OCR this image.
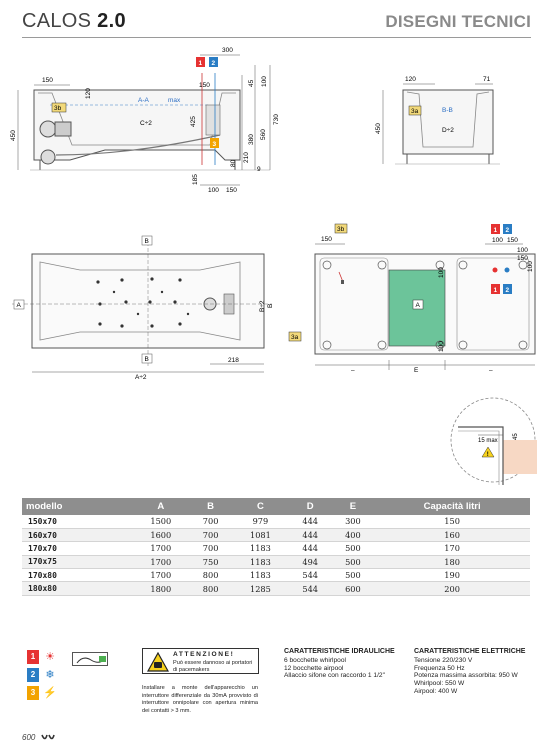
CALOS 2.0	DISEGNI TECNICI
150
120
A-A	max
C÷2	425
450
3b
300
150	45 100
730
560
380
210
9
80
185
100 150
1 2
3
120	71
B-B
3a
D÷2
450
B
A
B
A÷2
218
B÷2 B	A
3b
150
1 2
100 150
100
1 2
100
150
100
3a
100
–	E	–
15 max
45
!
modello	A	B	C	D	E	Capacità litri
150x70	1500	700	979	444	300	150
160x70	1600	700	1081	444	400	160
170x70	1700	700	1183	444	500	170
170x75	1700	750	1183	494	500	180
170x80	1700	800	1183	544	500	190
180x80	1800	800	1285	544	600	200
1 ☀
2 ❄
3 ⚡
ATTENZIONE!
Può essere dannoso ai portatori di pacemakers
Installare a monte dell'apparecchio un interruttore differenziale da 30mA provvisto di interruttore onnipolare con apertura minima dei contatti > 3 mm.
CARATTERISTICHE IDRAULICHE
6 bocchette whirlpool
12 bocchette airpool
Allaccio sifone con raccordo 1 1/2"
CARATTERISTICHE ELETTRICHE
Tensione 220/230 V
Frequenza 50 Hz
Potenza massima assorbita: 950 W
Whirlpool: 550 W
Airpool: 400 W
600
